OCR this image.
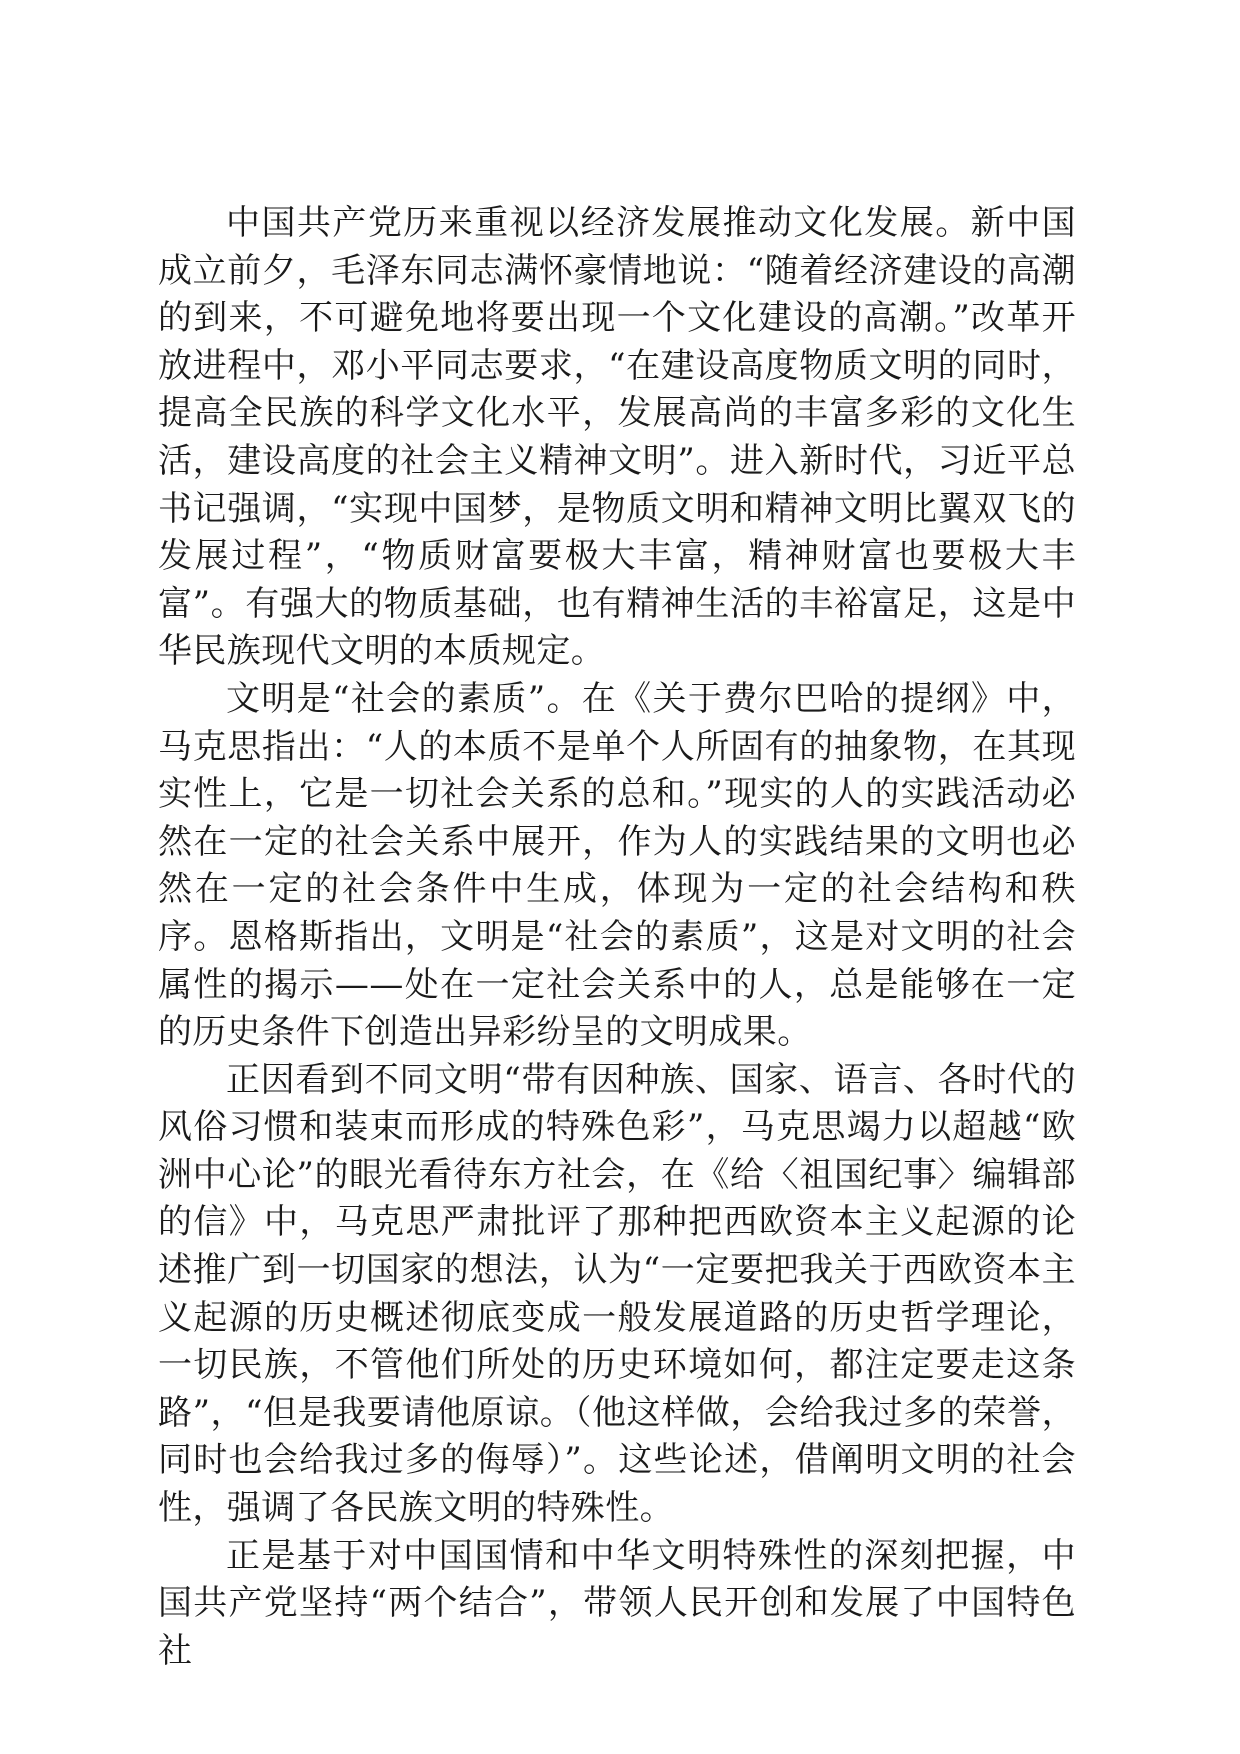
中国共产党历来重视以经济发展推动文化发展。新中国成立前夕，毛泽东同志满怀豪情地说：“随着经济建设的高潮的到来，不可避免地将要出现一个文化建设的高潮。”改革开放进程中，邓小平同志要求，“在建设高度物质文明的同时，提高全民族的科学文化水平，发展高尚的丰富多彩的文化生活，建设高度的社会主义精神文明”。进入新时代，习近平总书记强调，“实现中国梦，是物质文明和精神文明比翼双飞的发展过程”，“物质财富要极大丰富，精神财富也要极大丰富”。有强大的物质基础，也有精神生活的丰裕富足，这是中华民族现代文明的本质规定。

文明是“社会的素质”。在《关于费尔巴哈的提纲》中，马克思指出：“人的本质不是单个人所固有的抽象物，在其现实性上，它是一切社会关系的总和。”现实的人的实践活动必然在一定的社会关系中展开，作为人的实践结果的文明也必然在一定的社会条件中生成，体现为一定的社会结构和秩序。恩格斯指出，文明是“社会的素质”，这是对文明的社会属性的揭示——处在一定社会关系中的人，总是能够在一定的历史条件下创造出异彩纷呈的文明成果。

正因看到不同文明“带有因种族、国家、语言、各时代的风俗习惯和装束而形成的特殊色彩”，马克思竭力以超越“欧洲中心论”的眼光看待东方社会，在《给〈祖国纪事〉编辑部的信》中，马克思严肃批评了那种把西欧资本主义起源的论述推广到一切国家的想法，认为“一定要把我关于西欧资本主义起源的历史概述彻底变成一般发展道路的历史哲学理论，一切民族，不管他们所处的历史环境如何，都注定要走这条路”，“但是我要请他原谅。（他这样做，会给我过多的荣誉，同时也会给我过多的侮辱）”。这些论述，借阐明文明的社会性，强调了各民族文明的特殊性。

正是基于对中国国情和中华文明特殊性的深刻把握，中国共产党坚持“两个结合”，带领人民开创和发展了中国特色社
